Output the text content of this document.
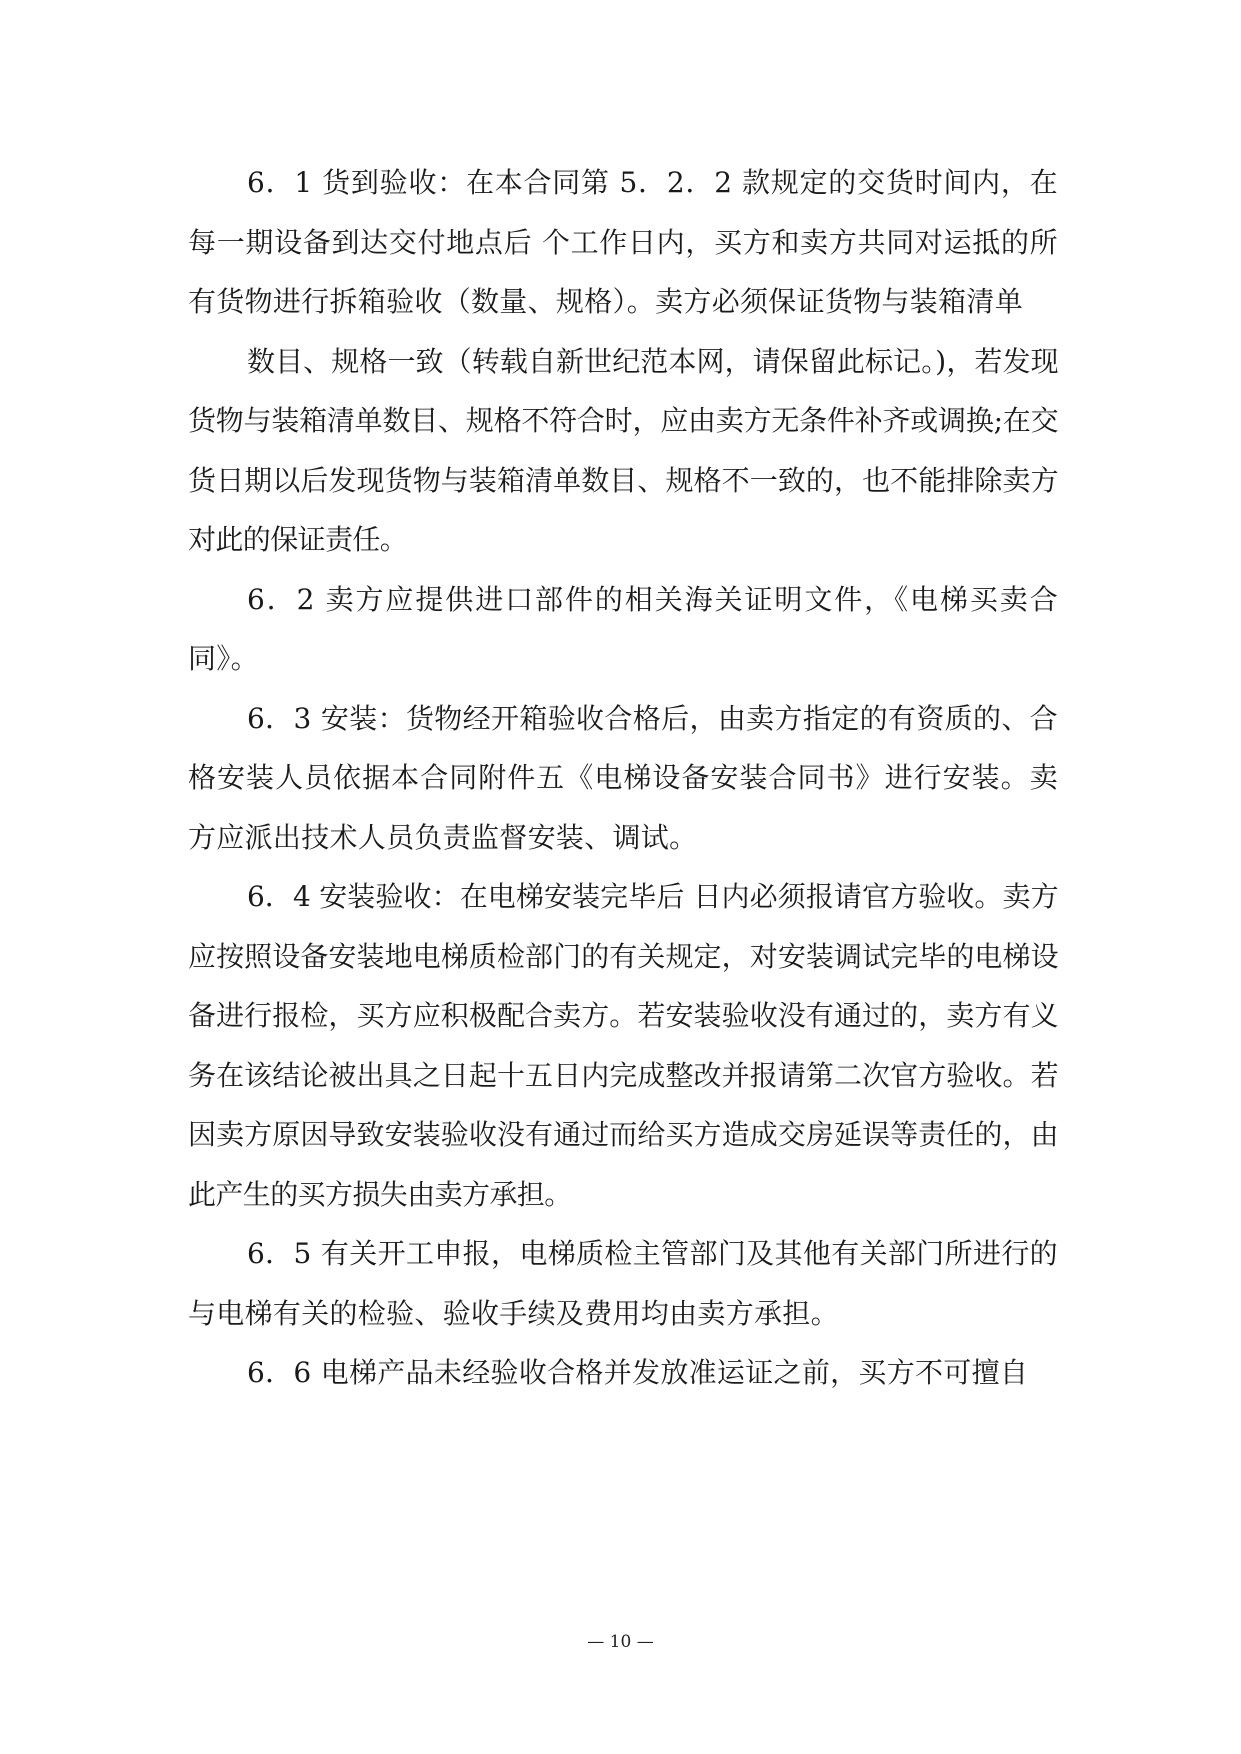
6．1 货到验收：在本合同第 5．2．2 款规定的交货时间内，在每一期设备到达交付地点后 个工作日内，买方和卖方共同对运抵的所有货物进行拆箱验收（数量、规格）。卖方必须保证货物与装箱清单

数目、规格一致（转载自新世纪范本网，请保留此标记。)，若发现货物与装箱清单数目、规格不符合时，应由卖方无条件补齐或调换;在交货日期以后发现货物与装箱清单数目、规格不一致的，也不能排除卖方对此的保证责任。

6．2 卖方应提供进口部件的相关海关证明文件，《电梯买卖合同》。

6．3 安装：货物经开箱验收合格后，由卖方指定的有资质的、合格安装人员依据本合同附件五《电梯设备安装合同书》进行安装。卖方应派出技术人员负责监督安装、调试。

6．4 安装验收：在电梯安装完毕后 日内必须报请官方验收。卖方应按照设备安装地电梯质检部门的有关规定，对安装调试完毕的电梯设备进行报检，买方应积极配合卖方。若安装验收没有通过的，卖方有义务在该结论被出具之日起十五日内完成整改并报请第二次官方验收。若因卖方原因导致安装验收没有通过而给买方造成交房延误等责任的，由此产生的买方损失由卖方承担。

6．5 有关开工申报，电梯质检主管部门及其他有关部门所进行的与电梯有关的检验、验收手续及费用均由卖方承担。

6．6 电梯产品未经验收合格并发放准运证之前，买方不可擅自

— 10 —
